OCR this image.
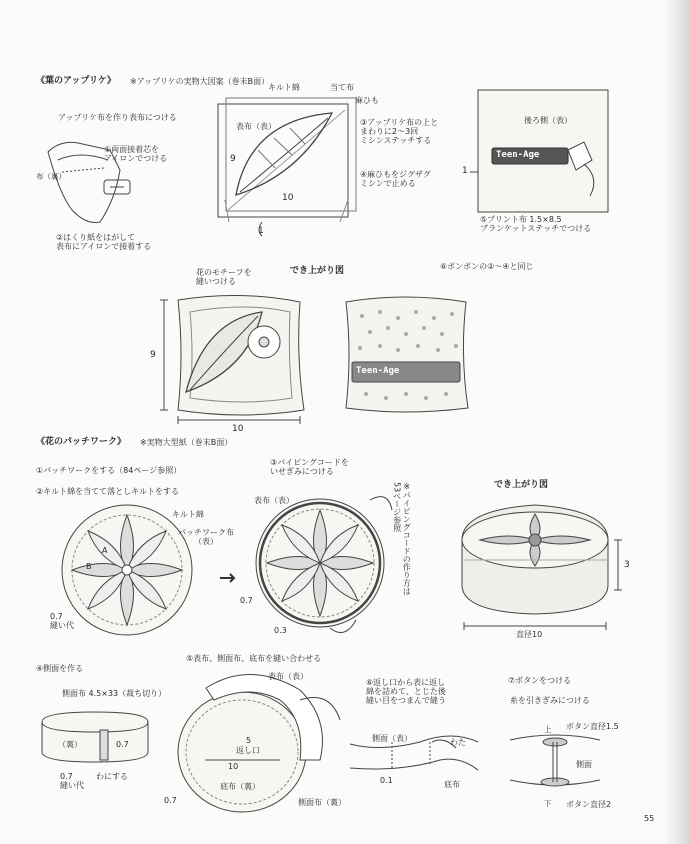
《葉のアップリケ》 ※アップリケの実物大図案（巻末B面）
アップリケ布を作り表布につける
①両面接着芯を
アイロンでつける
布（裏）
②はくり紙をはがして
表布にアイロンで接着する
キルト綿	当て布
麻ひも
表布（表）	③アップリケ布の上と
まわりに2～3回
ミシンステッチする
④麻ひもをジグザグ
ミシンで止める
9
10
1
後ろ側（表）
Teen-Age
1
⑤プリント布 1.5×8.5
ブランケットステッチでつける
でき上がり図
花のモチーフを
縫いつける
⑥ポンポンの②～④と同じ
Teen-Age
9
10
《花のパッチワーク》 ※実物大型紙（巻末B面）
①パッチワークをする（84ページ参照）
②キルト綿を当てて落としキルトをする
キルト綿
パッチワーク布
（表）
A
B
0.7
縫い代
③パイピングコードを
いせぎみにつける
表布（表）	※パイピングコードの作り方は53ページ参照
0.7
0.3
でき上がり図
3
直径10
④側面を作る
側面布 4.5×33（裁ち切り）
（裏）	0.7
0.7
縫い代
わにする
⑤表布、側面布、底布を縫い合わせる
表布（表）
5
返し口
10
底布（裏）
側面布（裏）
0.7
⑥返し口から表に返し
綿を詰めて、とじた後
縫い目をつまんで縫う
側面（表）	わた
0.1	底布
⑦ボタンをつける
糸を引きぎみにつける
上 ボタン直径1.5
側面
下 ボタン直径2
55
